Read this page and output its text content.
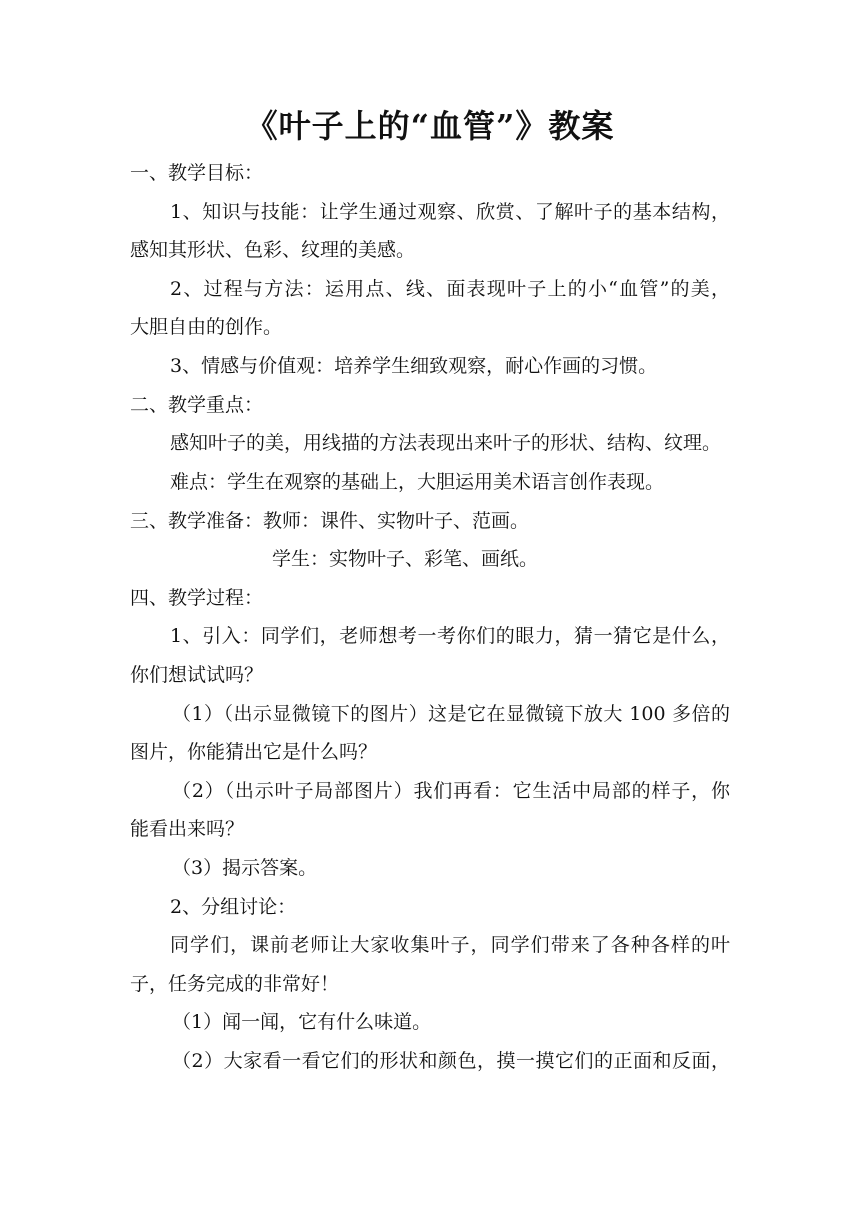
《叶子上的“血管”》教案
一、教学目标：
1、知识与技能：让学生通过观察、欣赏、了解叶子的基本结构，
感知其形状、色彩、纹理的美感。
2、过程与方法：运用点、线、面表现叶子上的小“血管”的美，
大胆自由的创作。
3、情感与价值观：培养学生细致观察，耐心作画的习惯。
二、教学重点：
感知叶子的美，用线描的方法表现出来叶子的形状、结构、纹理。
难点：学生在观察的基础上，大胆运用美术语言创作表现。
三、教学准备：教师：课件、实物叶子、范画。
学生：实物叶子、彩笔、画纸。
四、教学过程：
1、引入：同学们，老师想考一考你们的眼力，猜一猜它是什么，
你们想试试吗？
（1）（出示显微镜下的图片）这是它在显微镜下放大 100 多倍的
图片，你能猜出它是什么吗？
（2）（出示叶子局部图片）我们再看：它生活中局部的样子，你
能看出来吗？
（3）揭示答案。
2、分组讨论：
同学们，课前老师让大家收集叶子，同学们带来了各种各样的叶
子，任务完成的非常好！
（1）闻一闻，它有什么味道。
（2）大家看一看它们的形状和颜色，摸一摸它们的正面和反面，
